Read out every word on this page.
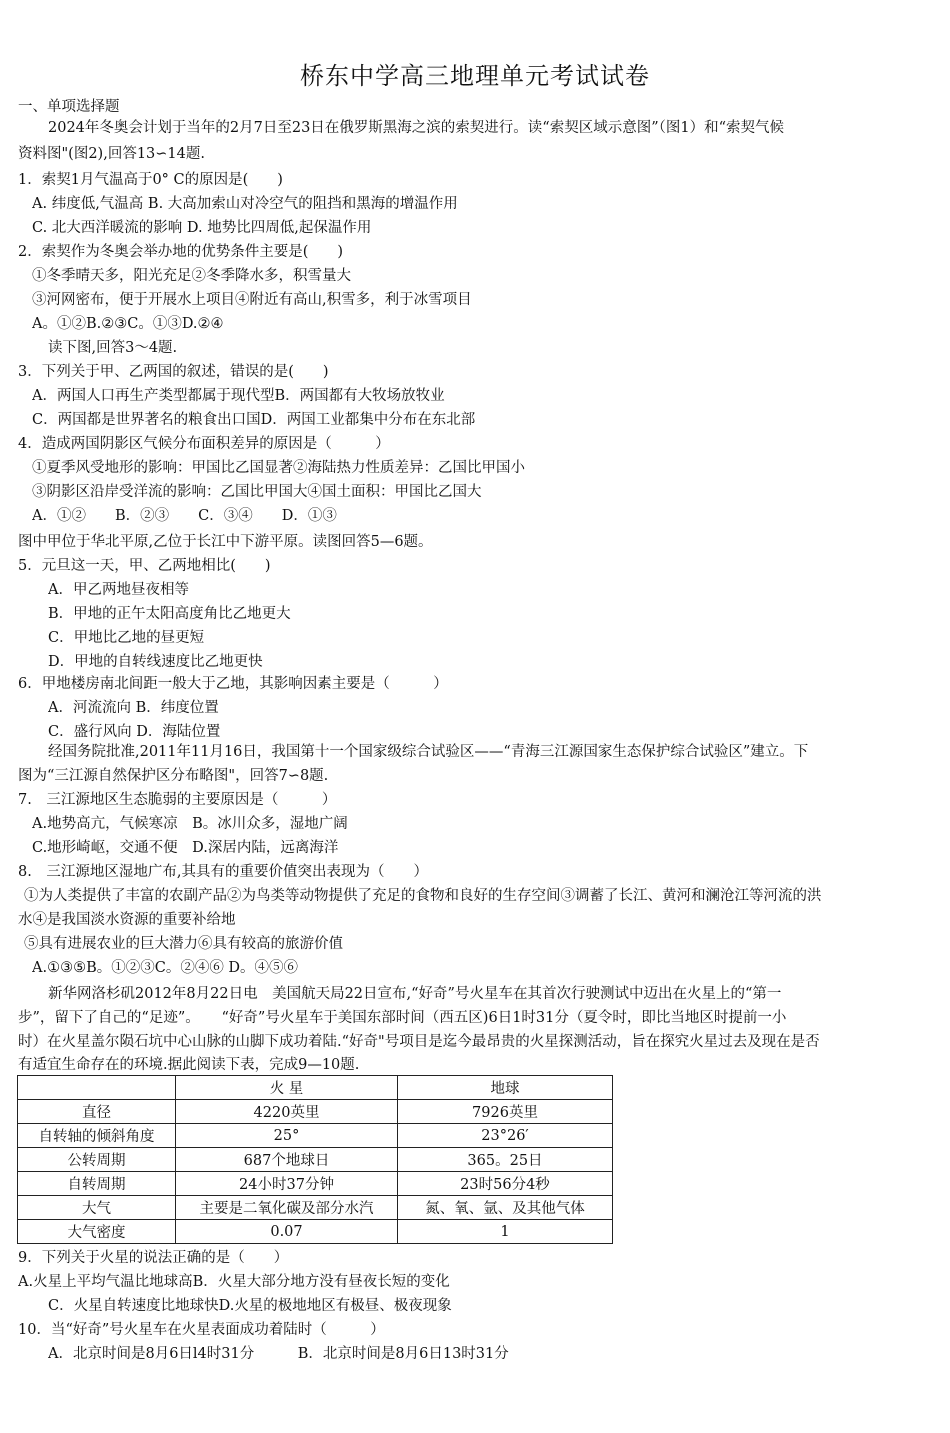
桥东中学高三地理单元考试试卷
一、单项选择题
2024年冬奥会计划于当年的2月7日至23日在俄罗斯黑海之滨的索契进行。读“索契区域示意图”（图1）和“索契气候
资料图"(图2),回答13∽14题.
1．索契1月气温高于0° C的原因是(　　)
A. 纬度低,气温高 B. 大高加索山对冷空气的阻挡和黑海的增温作用
C. 北大西洋暖流的影响 D. 地势比四周低,起保温作用
2．索契作为冬奥会举办地的优势条件主要是(　　)
①冬季晴天多，阳光充足②冬季降水多，积雪量大
③河网密布，便于开展水上项目④附近有高山,积雪多，利于冰雪项目
A。①②B.②③C。①③D.②④
读下图,回答3～4题.
3．下列关于甲、乙两国的叙述，错误的是(　　)
A．两国人口再生产类型都属于现代型B．两国都有大牧场放牧业
C．两国都是世界著名的粮食出口国D．两国工业都集中分布在东北部
4．造成两国阴影区气候分布面积差异的原因是（　　　）
①夏季风受地形的影响：甲国比乙国显著②海陆热力性质差异：乙国比甲国小
③阴影区沿岸受洋流的影响：乙国比甲国大④国土面积：甲国比乙国大
A．①②　　B．②③　　C．③④　　D．①③
图中甲位于华北平原,乙位于长江中下游平原。读图回答5—6题。
5．元旦这一天，甲、乙两地相比(　　)
A．甲乙两地昼夜相等
B．甲地的正午太阳高度角比乙地更大
C．甲地比乙地的昼更短
D．甲地的自转线速度比乙地更快
6．甲地楼房南北间距一般大于乙地，其影响因素主要是（　　　）
A．河流流向 B．纬度位置
C．盛行风向 D．海陆位置
经国务院批准,2011年11月16日，我国第十一个国家级综合试验区——“青海三江源国家生态保护综合试验区”建立。下
图为“三江源自然保护区分布略图"，回答7∽8题.
7.　三江源地区生态脆弱的主要原因是（　　　）
A.地势高亢，气候寒凉　B。冰川众多，湿地广阔
C.地形崎岖，交通不便　D.深居内陆，远离海洋
8.　三江源地区湿地广布,其具有的重要价值突出表现为（　　）
①为人类提供了丰富的农副产品②为鸟类等动物提供了充足的食物和良好的生存空间③调蓄了长江、黄河和澜沧江等河流的洪
水④是我国淡水资源的重要补给地
⑤具有进展农业的巨大潜力⑥具有较高的旅游价值
A.①③⑤B。①②③C。②④⑥ D。④⑤⑥
新华网洛杉矶2012年8月22日电　美国航天局22日宣布,“好奇”号火星车在其首次行驶测试中迈出在火星上的“第一
步”，留下了自己的“足迹”。　　“好奇”号火星车于美国东部时间（西五区)6日1时31分（夏令时，即比当地区时提前一小
时）在火星盖尔陨石坑中心山脉的山脚下成功着陆.“好奇"号项目是迄今最昂贵的火星探测活动，旨在探究火星过去及现在是否
有适宜生命存在的环境.据此阅读下表，完成9—10题.
	火 星	地球
直径	4220英里	7926英里
自转轴的倾斜角度	25°	23°26′
公转周期	687个地球日	365。25日
自转周期	24小时37分钟	23时56分4秒
大气	主要是二氧化碳及部分水汽	氮、氧、氩、及其他气体
大气密度	0.07	1
9．下列关于火星的说法正确的是（　　）
A.火星上平均气温比地球高B．火星大部分地方没有昼夜长短的变化
C．火星自转速度比地球快D.火星的极地地区有极昼、极夜现象
10．当“好奇”号火星车在火星表面成功着陆时（　　　）
A．北京时间是8月6日l4时31分　　　B．北京时间是8月6日13时31分
